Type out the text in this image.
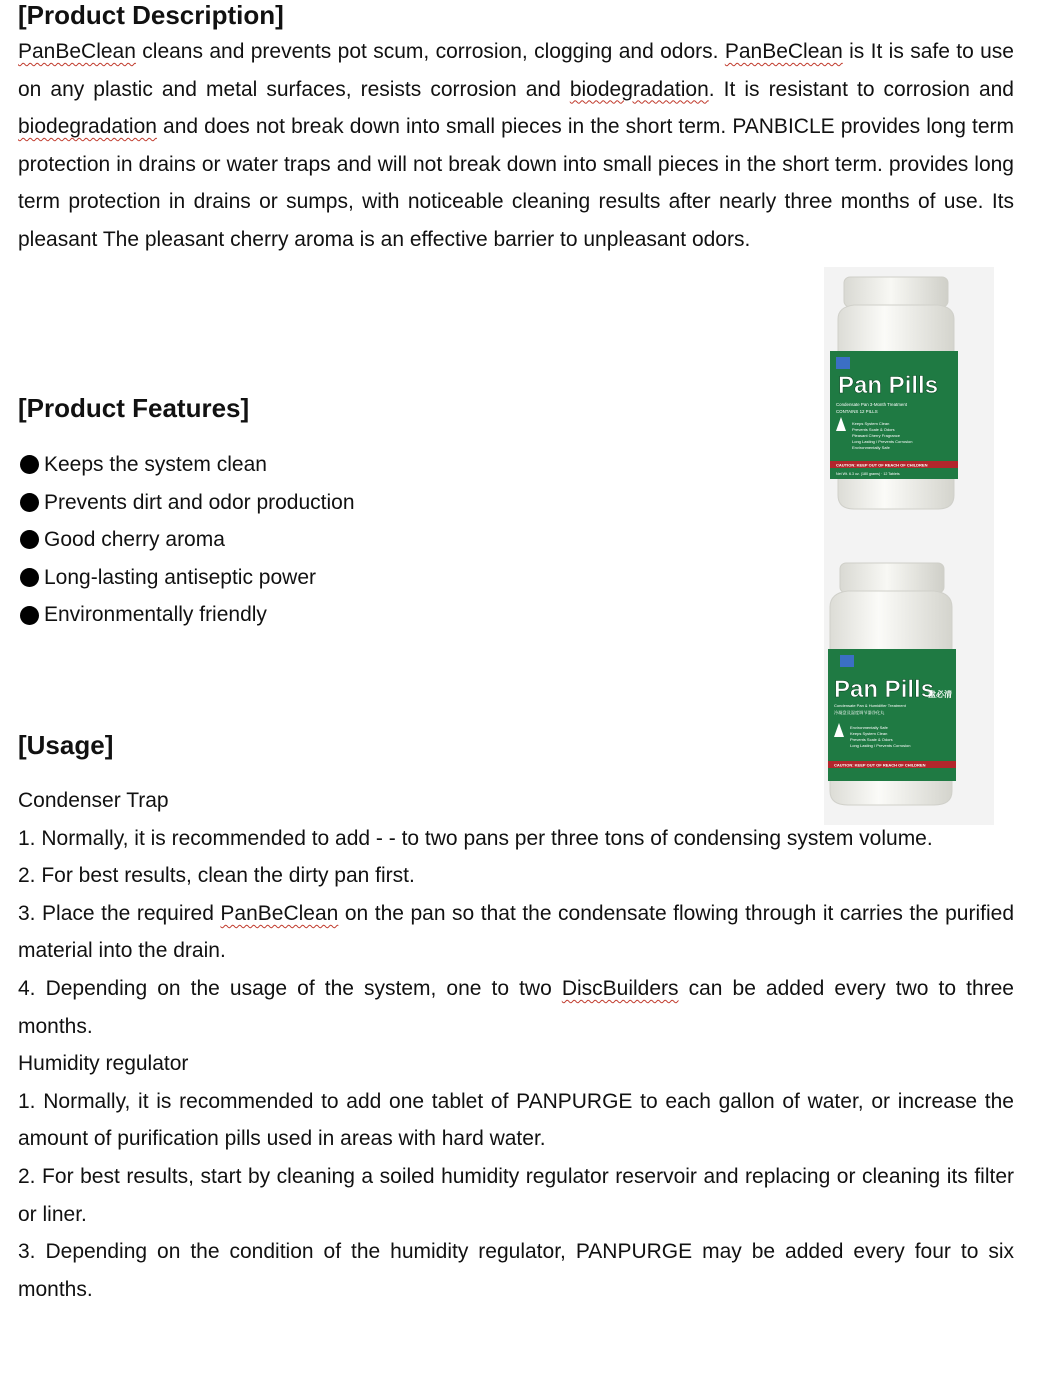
[Product Description]

PanBeClean cleans and prevents pot scum, corrosion, clogging and odors. PanBeClean is It is safe to use on any plastic and metal surfaces, resists corrosion and biodegradation. It is resistant to corrosion and biodegradation and does not break down into small pieces in the short term. PANBICLE provides long term protection in drains or water traps and will not break down into small pieces in the short term. provides long term protection in drains or sumps, with noticeable cleaning results after nearly three months of use. Its pleasant The pleasant cherry aroma is an effective barrier to unpleasant odors.

[Product Features]
Keeps the system clean
Prevents dirt and odor production
Good cherry aroma
Long-lasting antiseptic power
Environmentally friendly
[Usage]

Condenser Trap

1. Normally, it is recommended to add - - to two pans per three tons of condensing system volume.

2. For best results, clean the dirty pan first.

3. Place the required PanBeClean on the pan so that the condensate flowing through it carries the purified material into the drain.

4. Depending on the usage of the system, one to two DiscBuilders can be added every two to three months.

Humidity regulator

1. Normally, it is recommended to add one tablet of PANPURGE to each gallon of water, or increase the amount of purification pills used in areas with hard water.

2. For best results, start by cleaning a soiled humidity regulator reservoir and replacing or cleaning its filter or liner.

3. Depending on the condition of the humidity regulator, PANPURGE may be added every four to six months.

Pan Pills
Condensate Pan 3-Month Treatment
CONTAINS 12 PILLS
Keeps System Clean
Prevents Scale & Odors
Pleasant Cherry Fragrance
Long Lasting / Prevents Corrosion
Environmentally Safe
CAUTION: KEEP OUT OF REACH OF CHILDREN
Net Wt. 6.3 oz. (180 grams) · 12 Tablets
Pan Pills
盘必清
Condensate Pan & Humidifier Treatment
冷凝盘及湿度调节器净化丸
Environmentally Safe
Keeps System Clean
Prevents Scale & Odors
Long Lasting / Prevents Corrosion
CAUTION: KEEP OUT OF REACH OF CHILDREN
